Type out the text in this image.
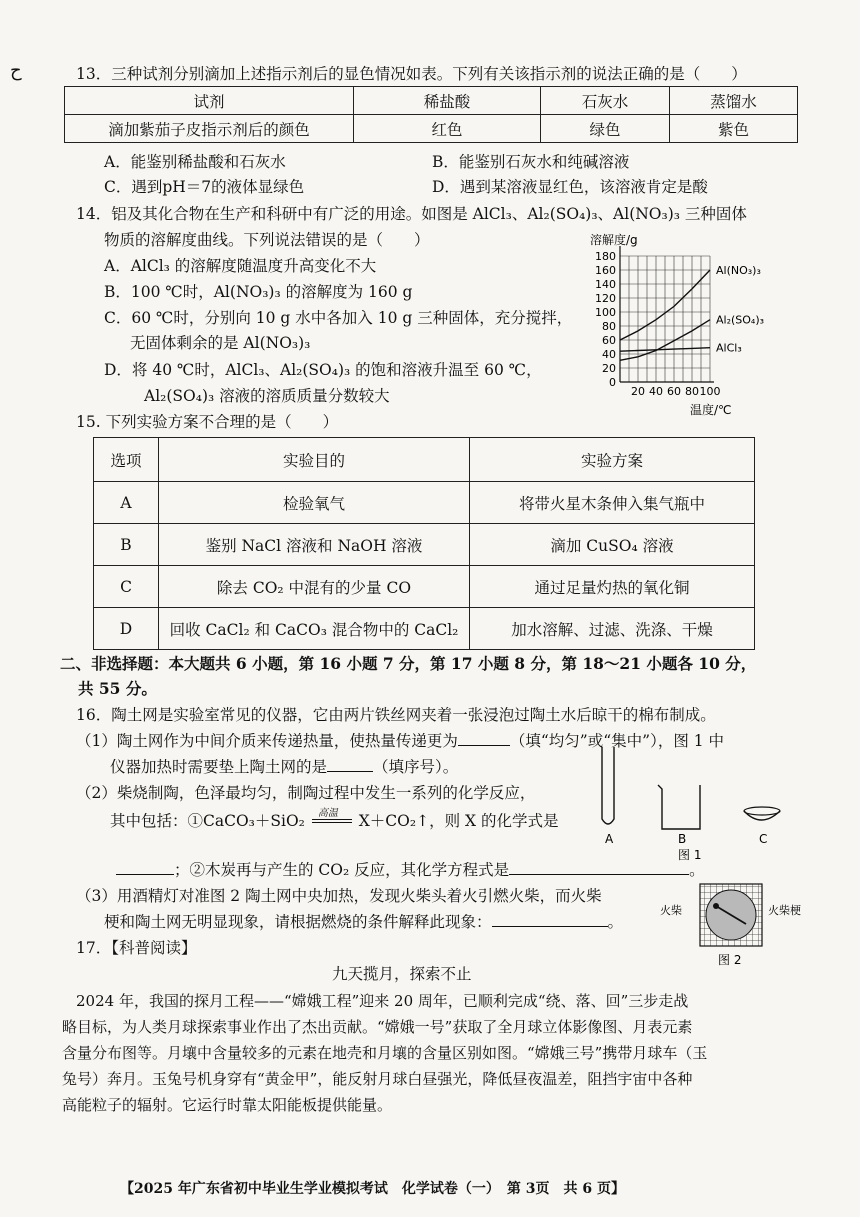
ح	13．三种试剂分别滴加上述指示剂后的显色情况如表。下列有关该指示剂的说法正确的是（　　）
试剂	稀盐酸	石灰水	蒸馏水
滴加紫茄子皮指示剂后的颜色	红色	绿色	紫色
A．能鉴别稀盐酸和石灰水	B．能鉴别石灰水和纯碱溶液
C．遇到pH＝7的液体显绿色	D．遇到某溶液显红色，该溶液肯定是酸
14．铝及其化合物在生产和科研中有广泛的用途。如图是 AlCl₃、Al₂(SO₄)₃、Al(NO₃)₃ 三种固体
物质的溶解度曲线。下列说法错误的是（　　）
A．AlCl₃ 的溶解度随温度升高变化不大
B．100 ℃时，Al(NO₃)₃ 的溶解度为 160 g
C．60 ℃时，分别向 10 g 水中各加入 10 g 三种固体，充分搅拌，
无固体剩余的是 Al(NO₃)₃
D．将 40 ℃时，AlCl₃、Al₂(SO₄)₃ 的饱和溶液升温至 60 ℃，
Al₂(SO₄)₃ 溶液的溶质质量分数较大
Al(NO₃)₃
Al₂(SO₄)₃
AlCl₃
0
20
40
60
80
100
120
140
160
180
20 40 60 80 100
溶解度/g
温度/℃
15. 下列实验方案不合理的是（　　）
选项	实验目的	实验方案
A	检验氧气	将带火星木条伸入集气瓶中
B	鉴别 NaCl 溶液和 NaOH 溶液	滴加 CuSO₄ 溶液
C	除去 CO₂ 中混有的少量 CO	通过足量灼热的氧化铜
D	回收 CaCl₂ 和 CaCO₃ 混合物中的 CaCl₂	加水溶解、过滤、洗涤、干燥
二、非选择题：本大题共 6 小题，第 16 小题 7 分，第 17 小题 8 分，第 18～21 小题各 10 分，
共 55 分。
16．陶土网是实验室常见的仪器，它由两片铁丝网夹着一张浸泡过陶土水后晾干的棉布制成。
（1）陶土网作为中间介质来传递热量，使热量传递更为	（填“均匀”或“集中”），图 1 中
仪器加热时需要垫上陶土网的是	（填序号）。
（2）柴烧制陶，色泽最均匀，制陶过程中发生一系列的化学反应，
其中包括：①CaCO₃＋SiO₂ 高温 X＋CO₂↑，则 X 的化学式是
；②木炭再与产生的 CO₂ 反应，其化学方程式是	。
（3）用酒精灯对准图 2 陶土网中央加热，发现火柴头着火引燃火柴，而火柴
梗和陶土网无明显现象，请根据燃烧的条件解释此现象：	。
A	B	C
图 1
火柴	火柴梗
图 2
17．【科普阅读】
九天揽月，探索不止
2024 年，我国的探月工程——“嫦娥工程”迎来 20 周年，已顺利完成“绕、落、回”三步走战
略目标，为人类月球探索事业作出了杰出贡献。“嫦娥一号”获取了全月球立体影像图、月表元素
含量分布图等。月壤中含量较多的元素在地壳和月壤的含量区别如图。“嫦娥三号”携带月球车（玉
兔号）奔月。玉兔号机身穿有“黄金甲”，能反射月球白昼强光，降低昼夜温差，阻挡宇宙中各种
高能粒子的辐射。它运行时靠太阳能板提供能量。
【2025 年广东省初中毕业生学业模拟考试　化学试卷（一）　第 3页　共 6 页】
